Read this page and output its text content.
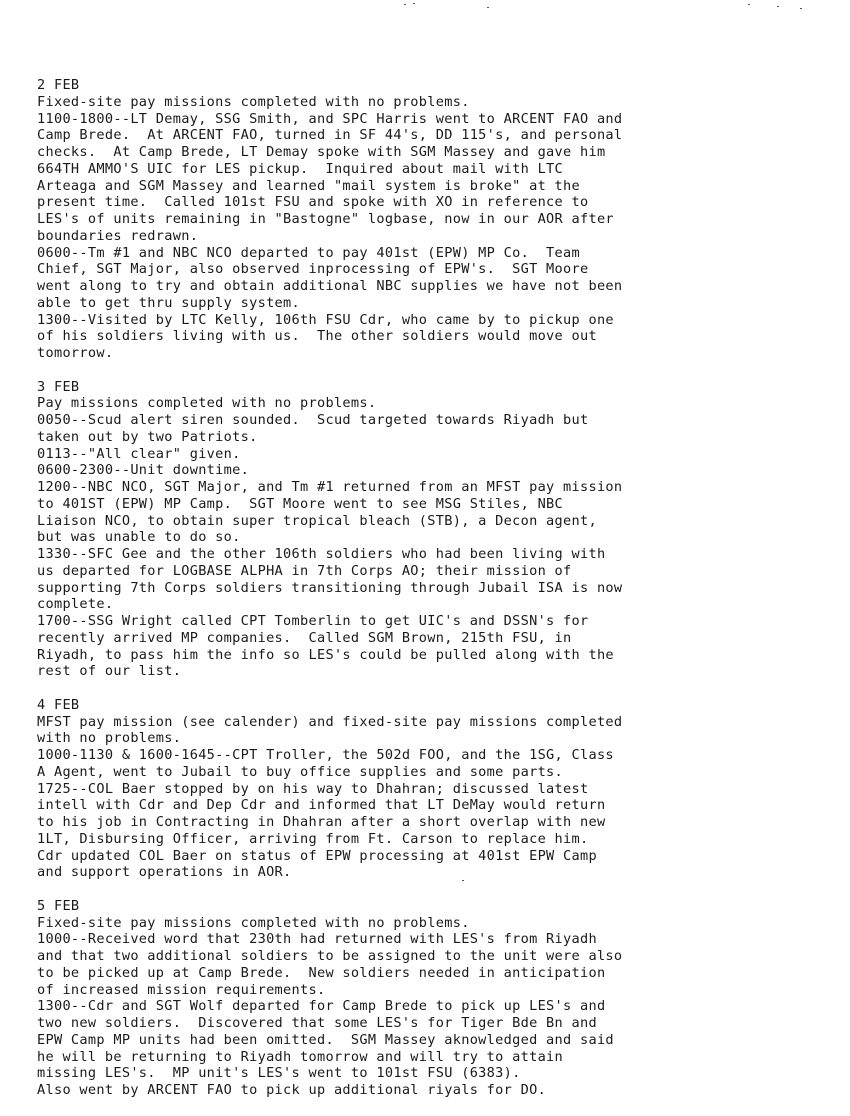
2 FEB
Fixed-site pay missions completed with no problems.
1100-1800--LT Demay, SSG Smith, and SPC Harris went to ARCENT FAO and
Camp Brede.  At ARCENT FAO, turned in SF 44's, DD 115's, and personal
checks.  At Camp Brede, LT Demay spoke with SGM Massey and gave him
664TH AMMO'S UIC for LES pickup.  Inquired about mail with LTC
Arteaga and SGM Massey and learned "mail system is broke" at the
present time.  Called 101st FSU and spoke with XO in reference to
LES's of units remaining in "Bastogne" logbase, now in our AOR after
boundaries redrawn.
0600--Tm #1 and NBC NCO departed to pay 401st (EPW) MP Co.  Team
Chief, SGT Major, also observed inprocessing of EPW's.  SGT Moore
went along to try and obtain additional NBC supplies we have not been
able to get thru supply system.
1300--Visited by LTC Kelly, 106th FSU Cdr, who came by to pickup one
of his soldiers living with us.  The other soldiers would move out
tomorrow.
3 FEB
Pay missions completed with no problems.
0050--Scud alert siren sounded.  Scud targeted towards Riyadh but
taken out by two Patriots.
0113--"All clear" given.
0600-2300--Unit downtime.
1200--NBC NCO, SGT Major, and Tm #1 returned from an MFST pay mission
to 401ST (EPW) MP Camp.  SGT Moore went to see MSG Stiles, NBC
Liaison NCO, to obtain super tropical bleach (STB), a Decon agent,
but was unable to do so.
1330--SFC Gee and the other 106th soldiers who had been living with
us departed for LOGBASE ALPHA in 7th Corps AO; their mission of
supporting 7th Corps soldiers transitioning through Jubail ISA is now
complete.
1700--SSG Wright called CPT Tomberlin to get UIC's and DSSN's for
recently arrived MP companies.  Called SGM Brown, 215th FSU, in
Riyadh, to pass him the info so LES's could be pulled along with the
rest of our list.
4 FEB
MFST pay mission (see calender) and fixed-site pay missions completed
with no problems.
1000-1130 & 1600-1645--CPT Troller, the 502d FOO, and the 1SG, Class
A Agent, went to Jubail to buy office supplies and some parts.
1725--COL Baer stopped by on his way to Dhahran; discussed latest
intell with Cdr and Dep Cdr and informed that LT DeMay would return
to his job in Contracting in Dhahran after a short overlap with new
1LT, Disbursing Officer, arriving from Ft. Carson to replace him.
Cdr updated COL Baer on status of EPW processing at 401st EPW Camp
and support operations in AOR.
5 FEB
Fixed-site pay missions completed with no problems.
1000--Received word that 230th had returned with LES's from Riyadh
and that two additional soldiers to be assigned to the unit were also
to be picked up at Camp Brede.  New soldiers needed in anticipation
of increased mission requirements.
1300--Cdr and SGT Wolf departed for Camp Brede to pick up LES's and
two new soldiers.  Discovered that some LES's for Tiger Bde Bn and
EPW Camp MP units had been omitted.  SGM Massey aknowledged and said
he will be returning to Riyadh tomorrow and will try to attain
missing LES's.  MP unit's LES's went to 101st FSU (6383).
Also went by ARCENT FAO to pick up additional riyals for DO.
